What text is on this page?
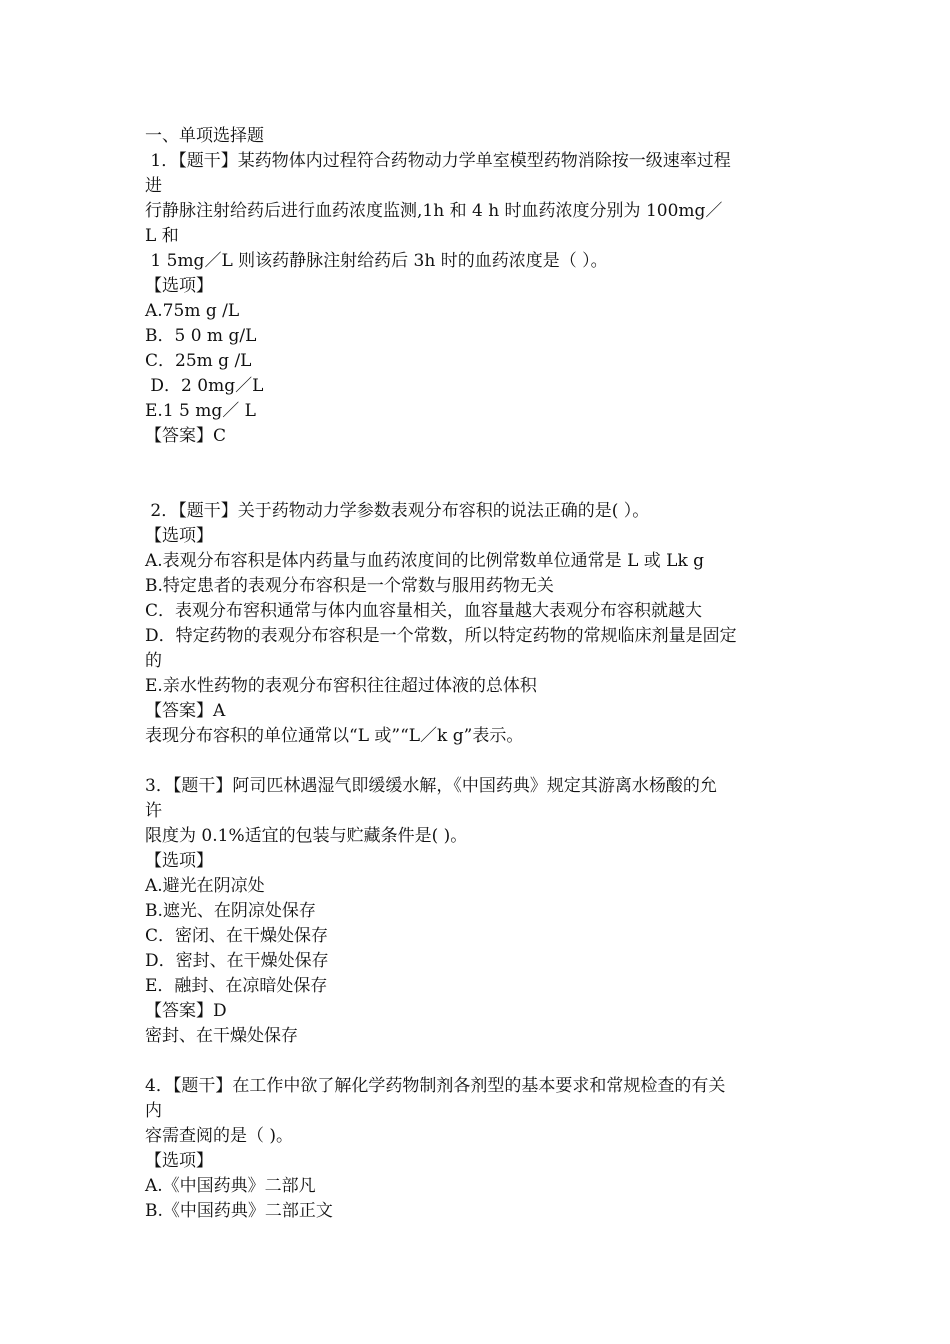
一、单项选择题
1．【题干】某药物体内过程符合药物动力学单室模型药物消除按一级速率过程
进
行静脉注射给药后进行血药浓度监测,1h 和 4 h 时血药浓度分别为 100mg／
L 和
1 5mg／L 则该药静脉注射给药后 3h 时的血药浓度是（ ）。
【选项】
A.75m g /L
B．5 0 m g/L
C．25m g /L
D．2 0mg／L
E.1 5 mg／ L
【答案】C
2．【题干】关于药物动力学参数表观分布容积的说法正确的是( ）。
【选项】
A.表观分布容积是体内药量与血药浓度间的比例常数单位通常是 L 或 Lk g
B.特定患者的表观分布容积是一个常数与服用药物无关
C．表观分布窖积通常与体内血容量相关，血容量越大表观分布容积就越大
D．特定药物的表观分布容积是一个常数，所以特定药物的常规临床剂量是固定
的
E.亲水性药物的表观分布窖积往往超过体液的总体积
【答案】A
表现分布容积的单位通常以“L 或”“L／k g”表示。
3．【题干】阿司匹林遇湿气即缓缓水解，《中国药典》规定其游离水杨酸的允
许
限度为 0.1%适宜的包装与贮藏条件是( )。
【选项】
A.避光在阴凉处
B.遮光、在阴凉处保存
C．密闭、在干燥处保存
D．密封、在干燥处保存
E．融封、在凉暗处保存
【答案】D
密封、在干燥处保存
4．【题干】在工作中欲了解化学药物制剂各剂型的基本要求和常规检查的有关
内
容需查阅的是（ )。
【选项】
A.《中国药典》二部凡
B.《中国药典》二部正文
